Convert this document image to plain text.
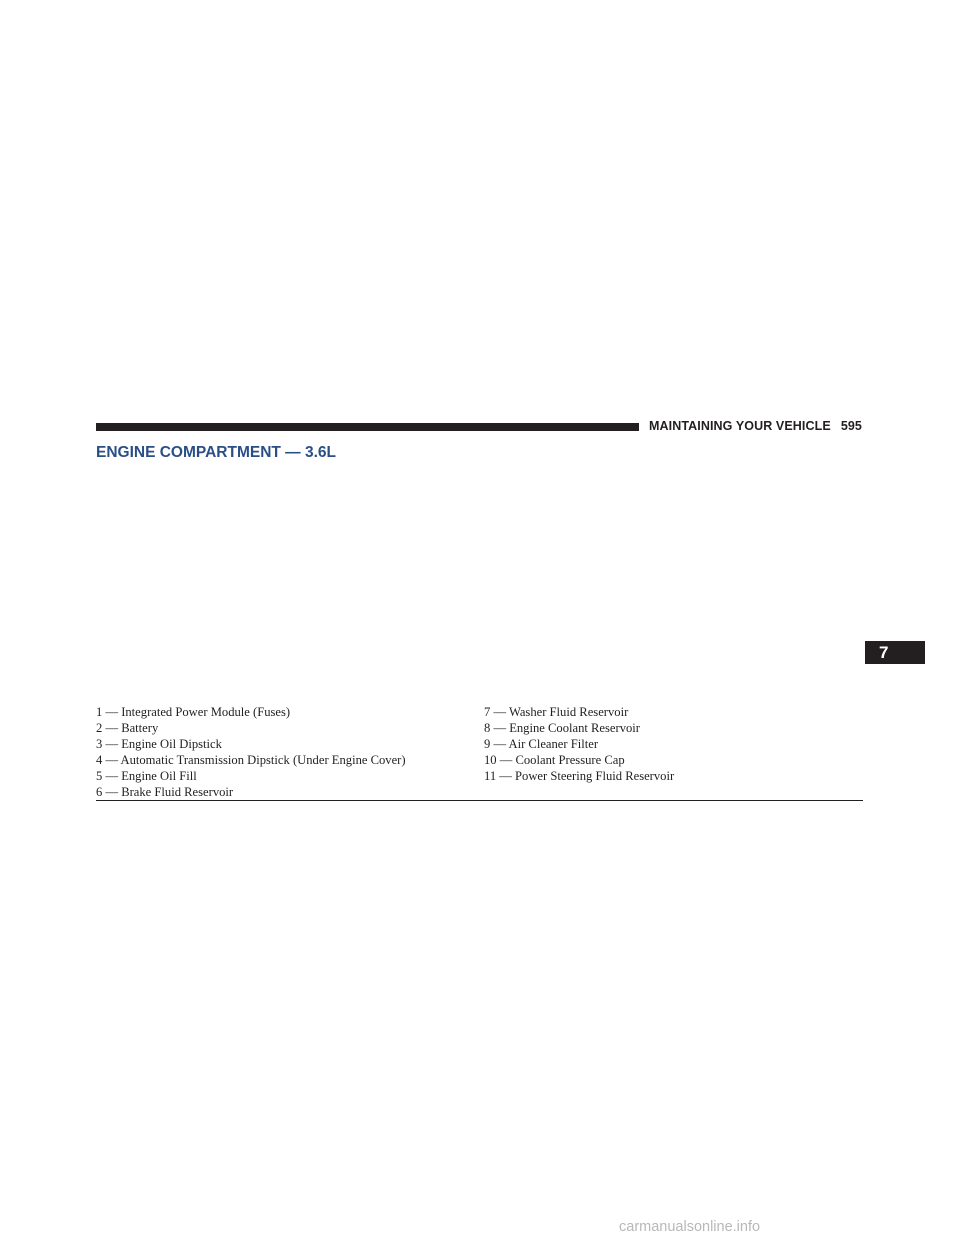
MAINTAINING YOUR VEHICLE 595
ENGINE COMPARTMENT — 3.6L
7
1 — Integrated Power Module (Fuses)
2 — Battery
3 — Engine Oil Dipstick
4 — Automatic Transmission Dipstick (Under Engine Cover)
5 — Engine Oil Fill
6 — Brake Fluid Reservoir
7 — Washer Fluid Reservoir
8 — Engine Coolant Reservoir
9 — Air Cleaner Filter
10 — Coolant Pressure Cap
11 — Power Steering Fluid Reservoir
carmanualsonline.info
